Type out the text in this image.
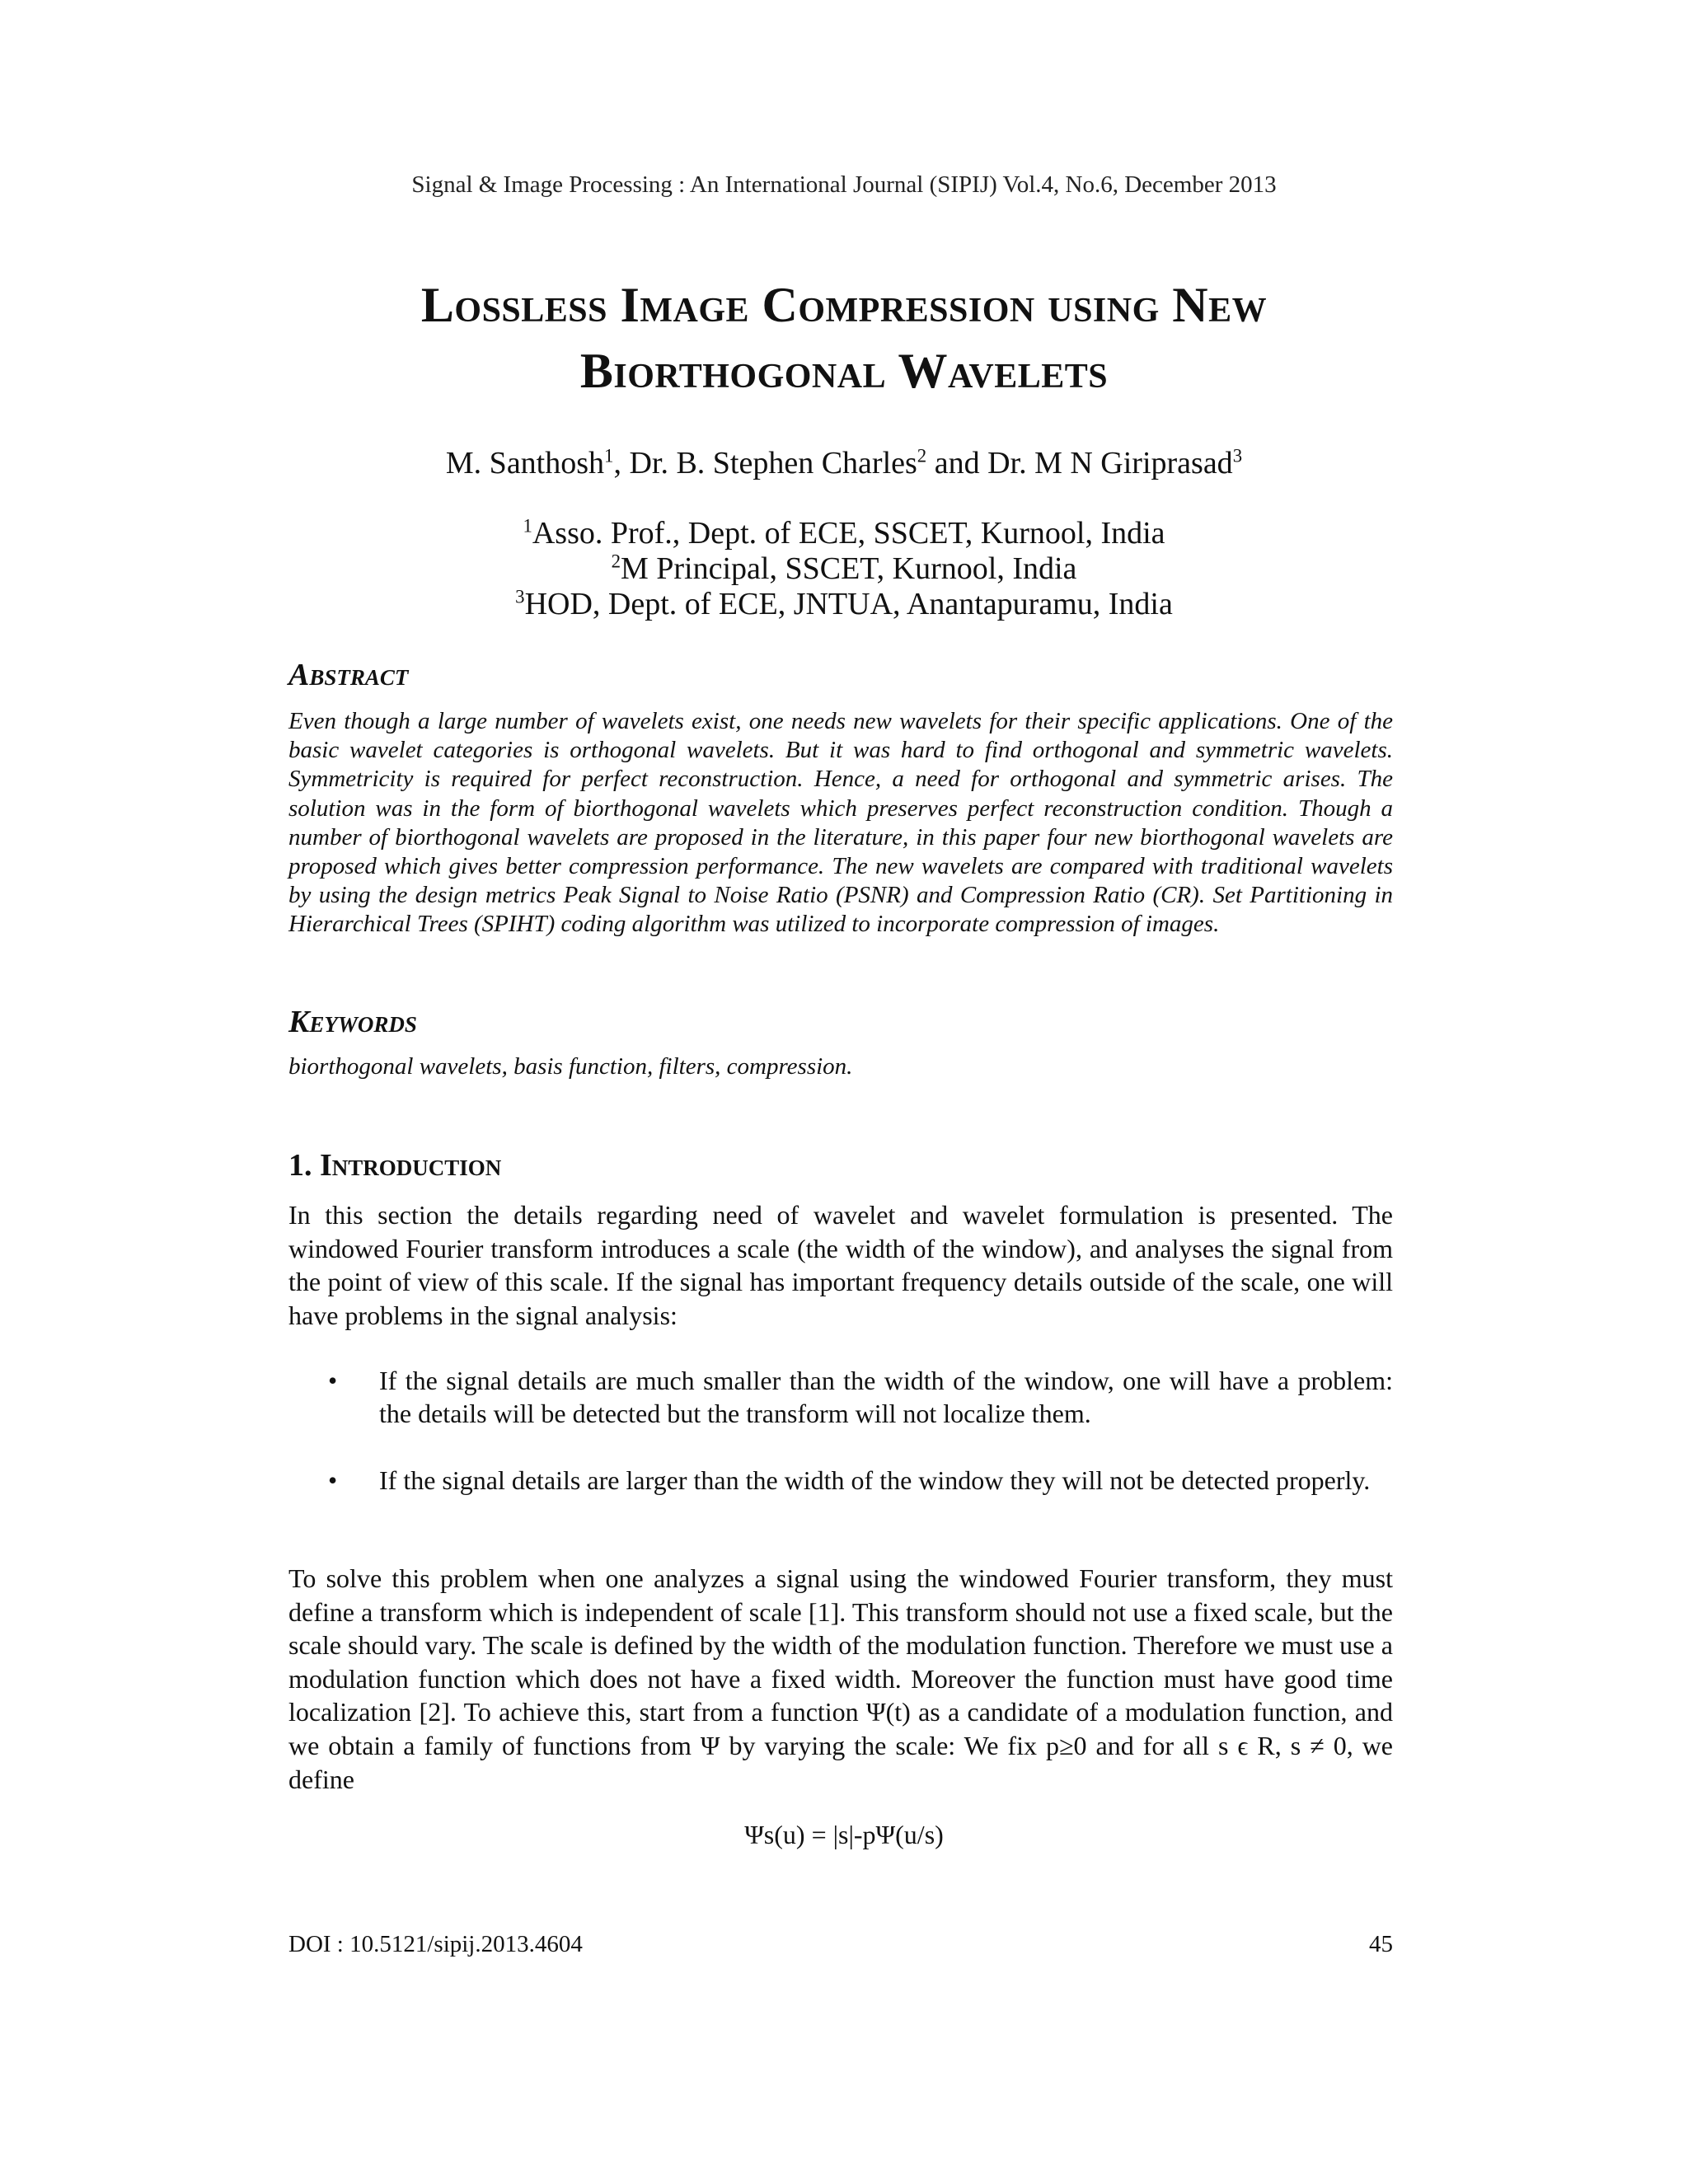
Signal & Image Processing : An International Journal (SIPIJ) Vol.4, No.6, December 2013
Lossless Image Compression using New
Biorthogonal Wavelets
M. Santhosh$^1$, Dr. B. Stephen Charles$^2$ and Dr. M N Giriprasad$^3$
$^1$Asso. Prof., Dept. of ECE, SSCET, Kurnool, India
$^2$M Principal, SSCET, Kurnool, India
$^3$HOD, Dept. of ECE, JNTUA, Anantapuramu, India
Abstract
Even though a large number of wavelets exist, one needs new wavelets for their specific applications. One of the basic wavelet categories is orthogonal wavelets. But it was hard to find orthogonal and symmetric wavelets. Symmetricity is required for perfect reconstruction. Hence, a need for orthogonal and symmetric arises. The solution was in the form of biorthogonal wavelets which preserves perfect reconstruction condition. Though a number of biorthogonal wavelets are proposed in the literature, in this paper four new biorthogonal wavelets are proposed which gives better compression performance. The new wavelets are compared with traditional wavelets by using the design metrics Peak Signal to Noise Ratio (PSNR) and Compression Ratio (CR). Set Partitioning in Hierarchical Trees (SPIHT) coding algorithm was utilized to incorporate compression of images.
Keywords
biorthogonal wavelets, basis function, filters, compression.
1. Introduction
In this section the details regarding need of wavelet and wavelet formulation is presented. The windowed Fourier transform introduces a scale (the width of the window), and analyses the signal from the point of view of this scale. If the signal has important frequency details outside of the scale, one will have problems in the signal analysis:
• If the signal details are much smaller than the width of the window, one will have a problem: the details will be detected but the transform will not localize them.
• If the signal details are larger than the width of the window they will not be detected properly.
To solve this problem when one analyzes a signal using the windowed Fourier transform, they must define a transform which is independent of scale [1]. This transform should not use a fixed scale, but the scale should vary. The scale is defined by the width of the modulation function. Therefore we must use a modulation function which does not have a fixed width. Moreover the function must have good time localization [2]. To achieve this, start from a function Ψ(t) as a candidate of a modulation function, and we obtain a family of functions from Ψ by varying the scale: We fix p≥0 and for all s ϵ R, s ≠ 0, we define
Ψs(u) = |s|-pΨ(u/s)
DOI : 10.5121/sipij.2013.4604	45
